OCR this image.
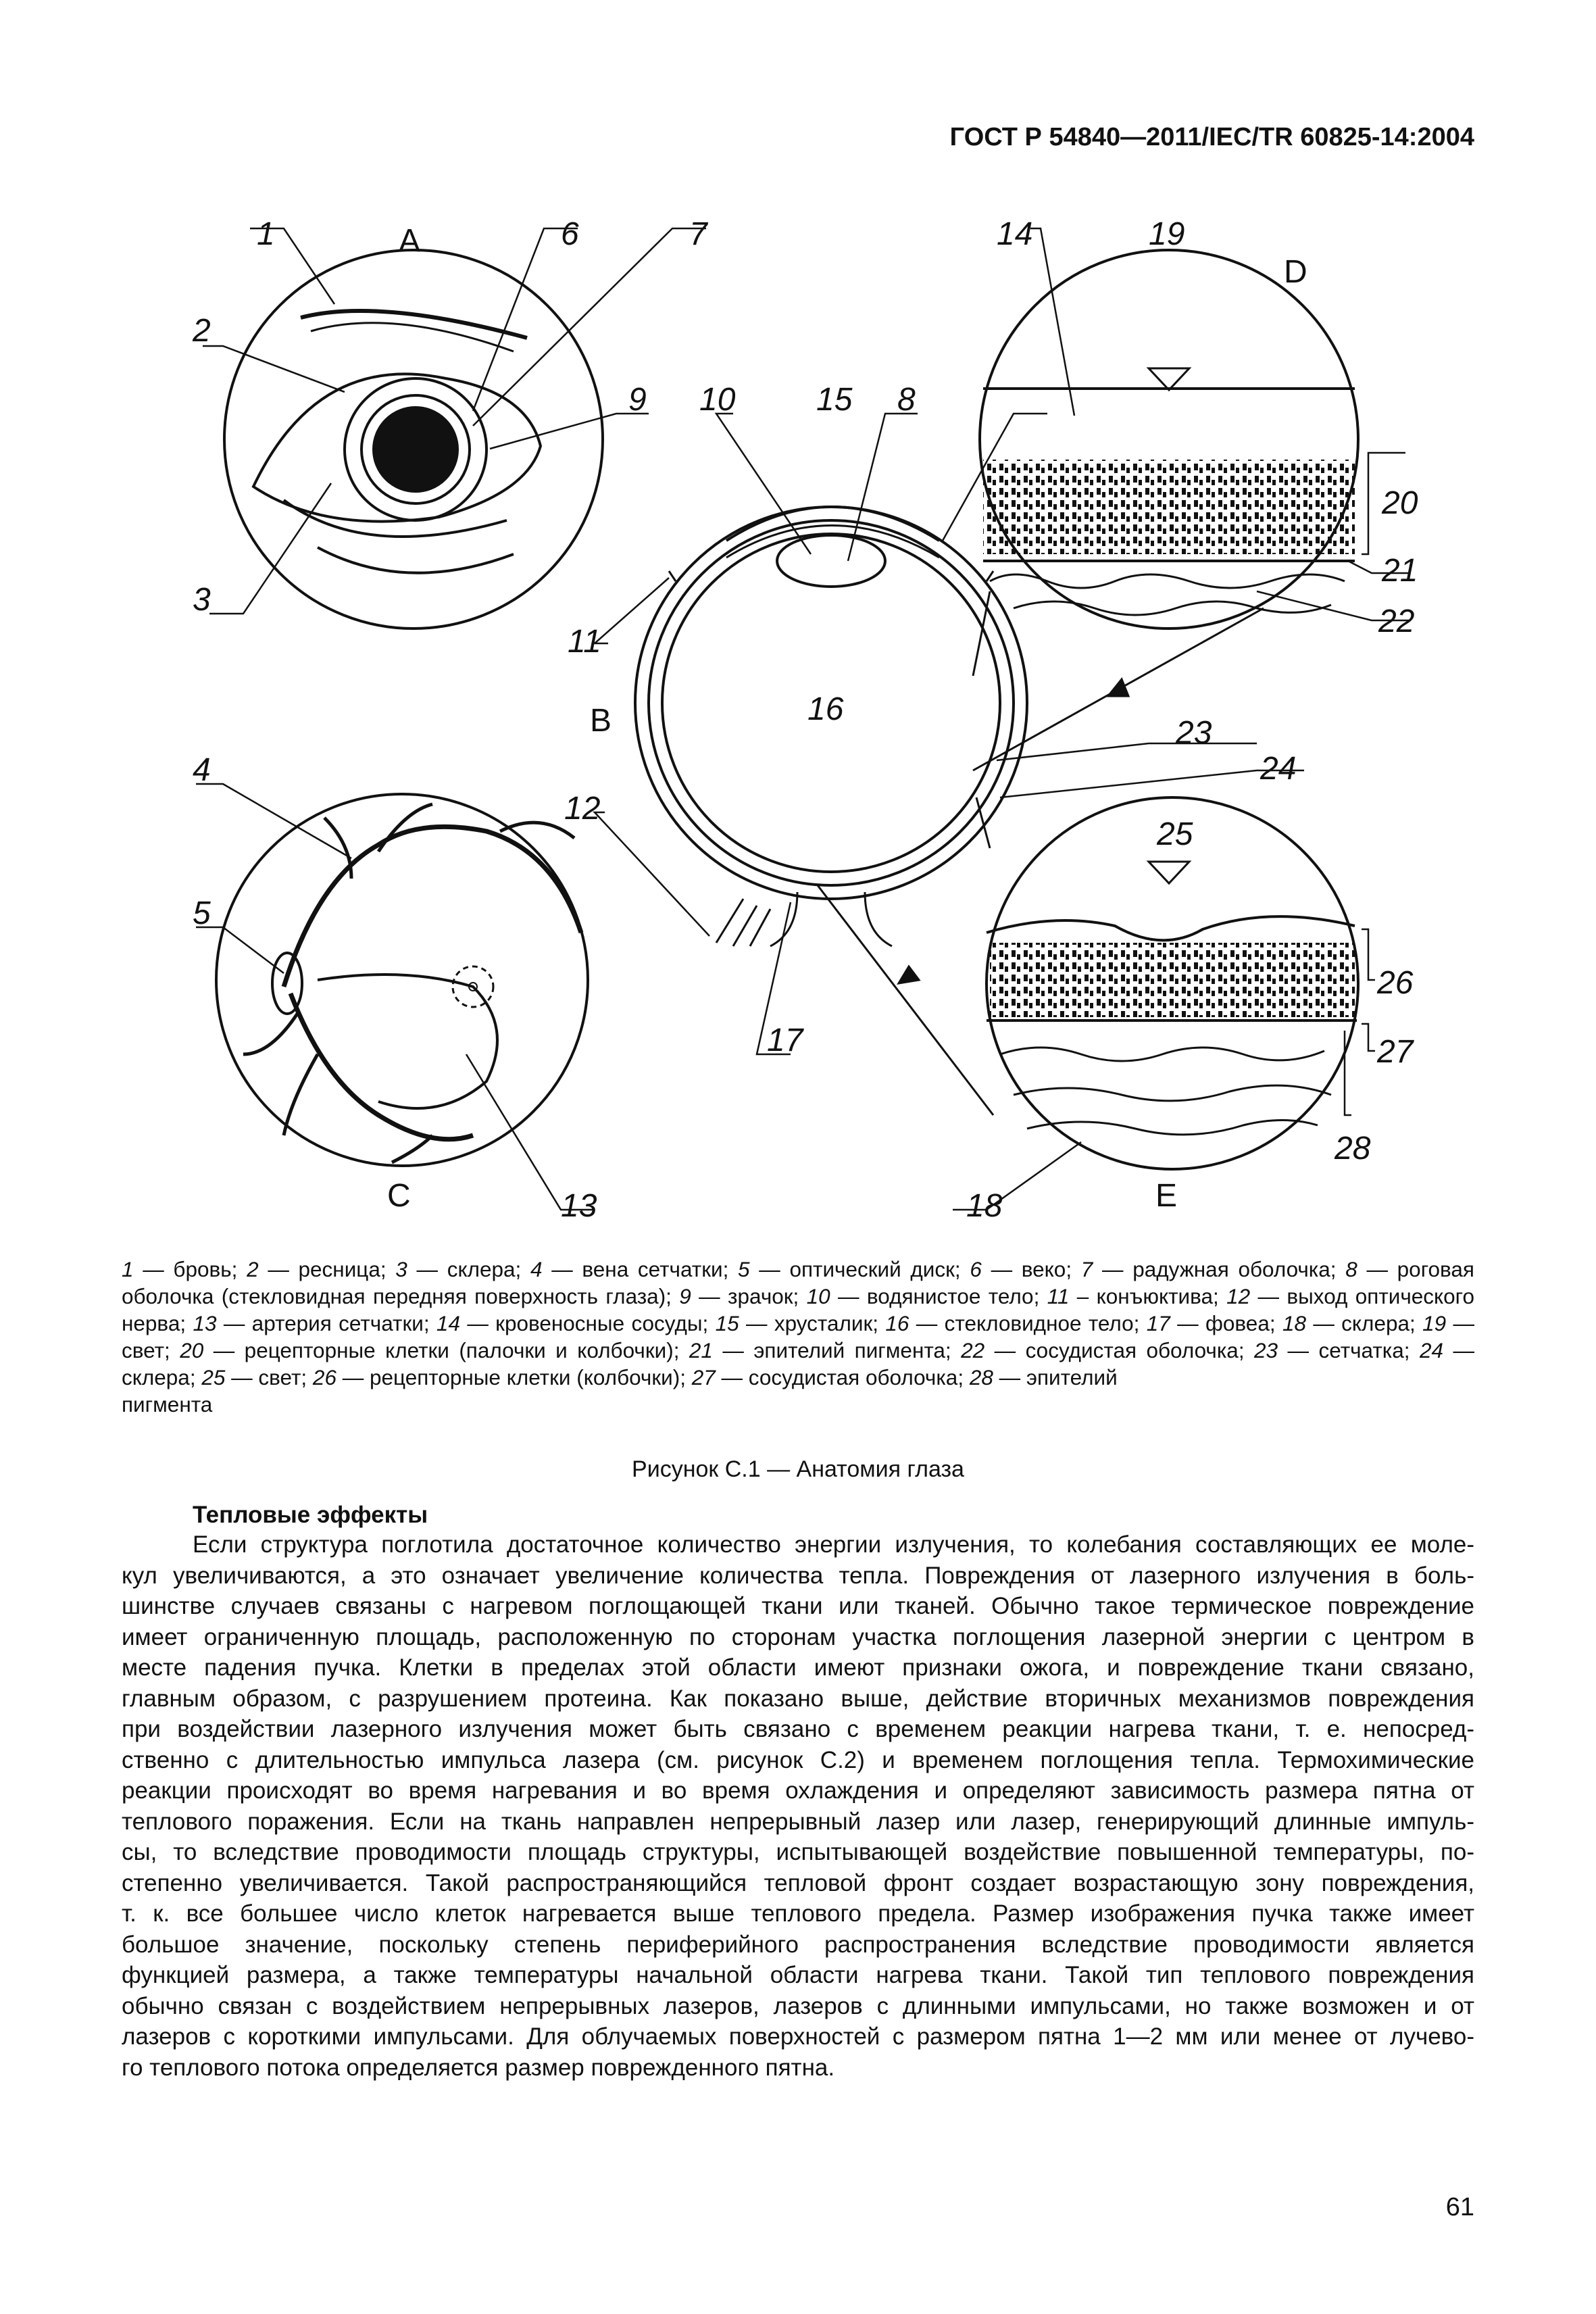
ГОСТ Р 54840—2011/IEC/TR 60825-14:2004
A
B
C
D
E
1
2
3
4
5
6	7
8
9 10
11
12
13
14
15
16
17
18
19
20
21
22
23
24
25
26
27
28
1 — бровь; 2 — ресница; 3 — склера; 4 — вена сетчатки; 5 — оптический диск; 6 — веко; 7 — радужная оболочка; 8 — роговая оболочка (стекловидная передняя поверхность глаза); 9 — зрачок; 10 — водянистое тело; 11 – конъюктива; 12 — выход оптического нерва; 13 — артерия сетчатки; 14 — кровеносные сосуды; 15 — хрусталик; 16 — стекловидное тело; 17 — фовеа; 18 — склера; 19 — свет; 20 — рецепторные клетки (палочки и колбочки); 21 — эпителий пигмента; 22 — сосудистая оболочка; 23 — сетчатка; 24 — склера; 25 — свет; 26 — рецепторные клетки (колбочки); 27 — сосудистая оболочка; 28 — эпителий
пигмента
Рисунок С.1 — Анатомия глаза
Тепловые эффекты

Если структура поглотила достаточное количество энергии излучения, то колебания составляющих ее моле-

кул увеличиваются, а это означает увеличение количества тепла. Повреждения от лазерного излучения в боль-

шинстве случаев связаны с нагревом поглощающей ткани или тканей. Обычно такое термическое повреждение

имеет ограниченную площадь, расположенную по сторонам участка поглощения лазерной энергии с центром в

месте падения пучка. Клетки в пределах этой области имеют признаки ожога, и повреждение ткани связано,

главным образом, с разрушением протеина. Как показано выше, действие вторичных механизмов повреждения

при воздействии лазерного излучения может быть связано с временем реакции нагрева ткани, т. е. непосред-

ственно с длительностью импульса лазера (см. рисунок С.2) и временем поглощения тепла. Термохимические

реакции происходят во время нагревания и во время охлаждения и определяют зависимость размера пятна от

теплового поражения. Если на ткань направлен непрерывный лазер или лазер, генерирующий длинные импуль-

сы, то вследствие проводимости площадь структуры, испытывающей воздействие повышенной температуры, по-

степенно увеличивается. Такой распространяющийся тепловой фронт создает возрастающую зону повреждения,

т. к. все большее число клеток нагревается выше теплового предела. Размер изображения пучка также имеет

большое значение, поскольку степень периферийного распространения вследствие проводимости является

функцией размера, а также температуры начальной области нагрева ткани. Такой тип теплового повреждения

обычно связан с воздействием непрерывных лазеров, лазеров с длинными импульсами, но также возможен и от

лазеров с короткими импульсами. Для облучаемых поверхностей с размером пятна 1—2 мм или менее от лучево-

го теплового потока определяется размер поврежденного пятна.

61
